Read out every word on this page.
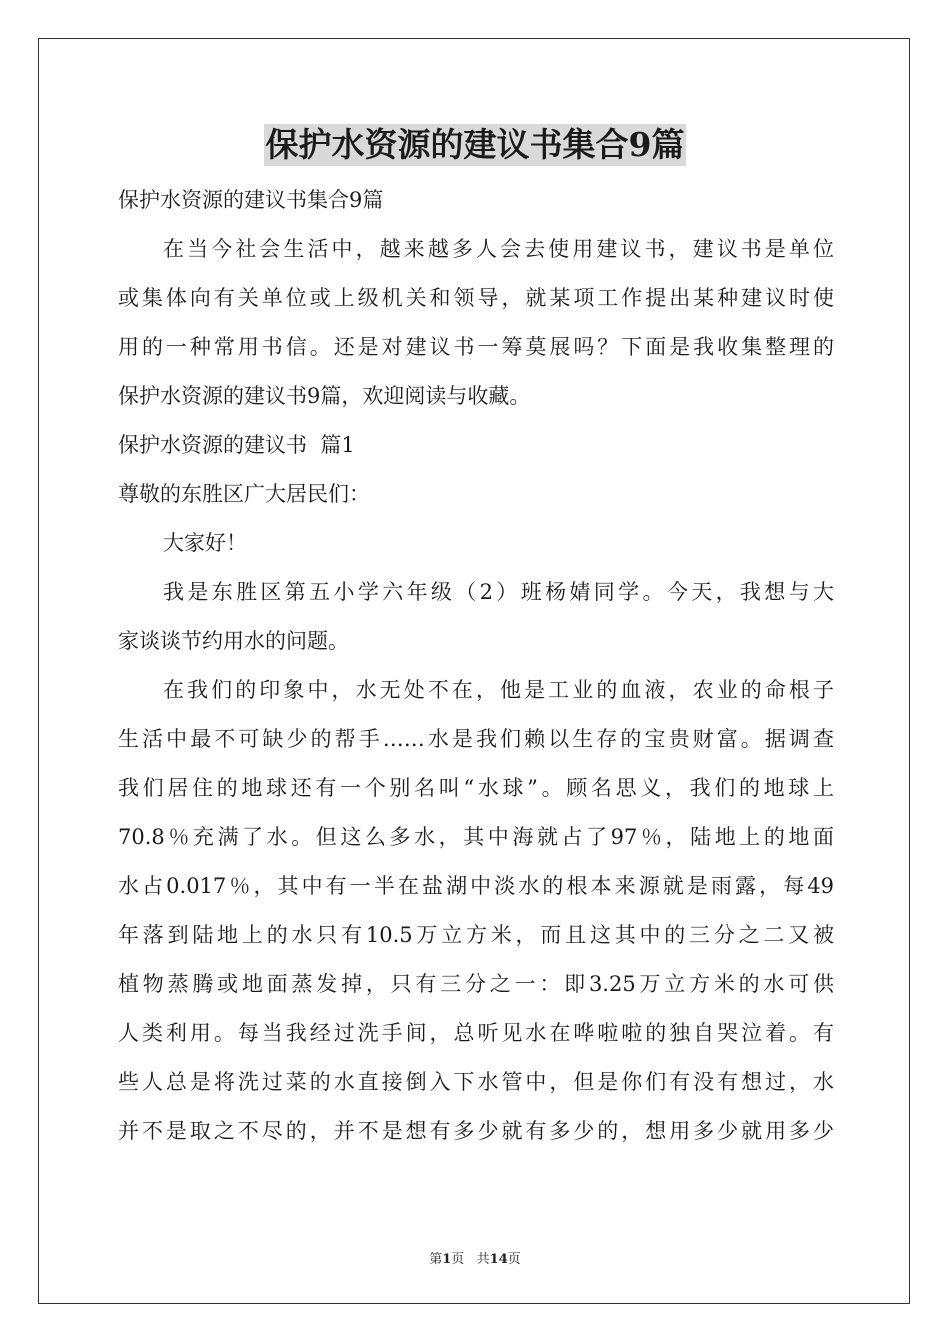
保护水资源的建议书集合9篇

保护水资源的建议书集合9篇

在当今社会生活中，越来越多人会去使用建议书，建议书是单位

或集体向有关单位或上级机关和领导，就某项工作提出某种建议时使

用的一种常用书信。还是对建议书一筹莫展吗？下面是我收集整理的

保护水资源的建议书9篇，欢迎阅读与收藏。

保护水资源的建议书  篇1

尊敬的东胜区广大居民们：

大家好！

我是东胜区第五小学六年级（2）班杨婧同学。今天，我想与大

家谈谈节约用水的问题。

在我们的印象中，水无处不在，他是工业的血液，农业的命根子

生活中最不可缺少的帮手……水是我们赖以生存的宝贵财富。据调查

我们居住的地球还有一个别名叫“水球”。顾名思义，我们的地球上

70.8％充满了水。但这么多水，其中海就占了97％，陆地上的地面

水占0.017％，其中有一半在盐湖中淡水的根本来源就是雨露，每49

年落到陆地上的水只有10.5万立方米，而且这其中的三分之二又被

植物蒸腾或地面蒸发掉，只有三分之一：即3.25万立方米的水可供

人类利用。每当我经过洗手间，总听见水在哗啦啦的独自哭泣着。有

些人总是将洗过菜的水直接倒入下水管中，但是你们有没有想过，水

并不是取之不尽的，并不是想有多少就有多少的，想用多少就用多少

第1页   共14页
